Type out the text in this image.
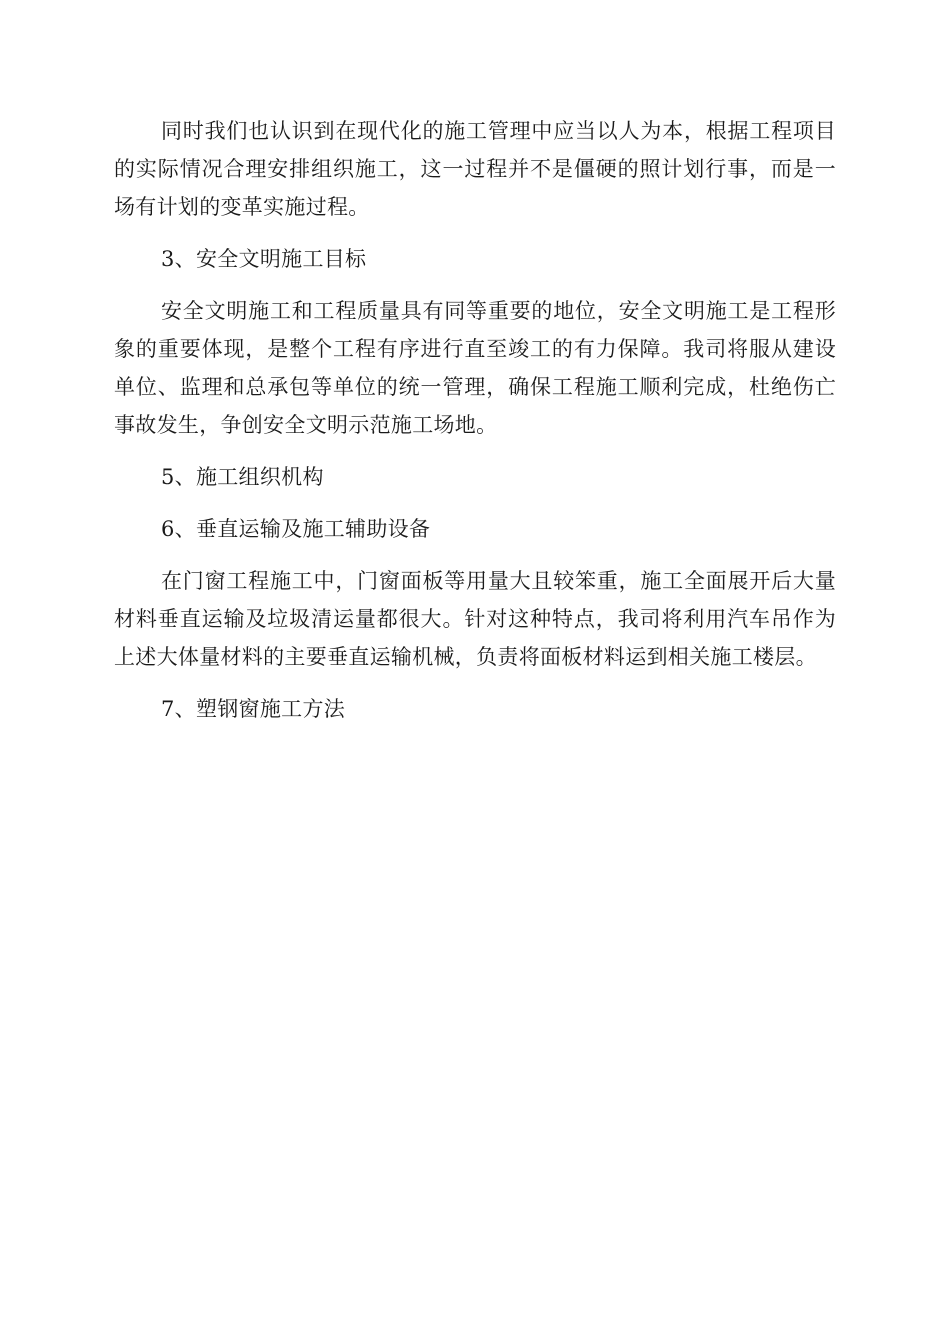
同时我们也认识到在现代化的施工管理中应当以人为本，根据工程项目的实际情况合理安排组织施工，这一过程并不是僵硬的照计划行事，而是一场有计划的变革实施过程。

3、安全文明施工目标

安全文明施工和工程质量具有同等重要的地位，安全文明施工是工程形象的重要体现，是整个工程有序进行直至竣工的有力保障。我司将服从建设单位、监理和总承包等单位的统一管理，确保工程施工顺利完成，杜绝伤亡事故发生，争创安全文明示范施工场地。

5、施工组织机构

6、垂直运输及施工辅助设备

在门窗工程施工中，门窗面板等用量大且较笨重，施工全面展开后大量材料垂直运输及垃圾清运量都很大。针对这种特点，我司将利用汽车吊作为上述大体量材料的主要垂直运输机械，负责将面板材料运到相关施工楼层。

7、塑钢窗施工方法
